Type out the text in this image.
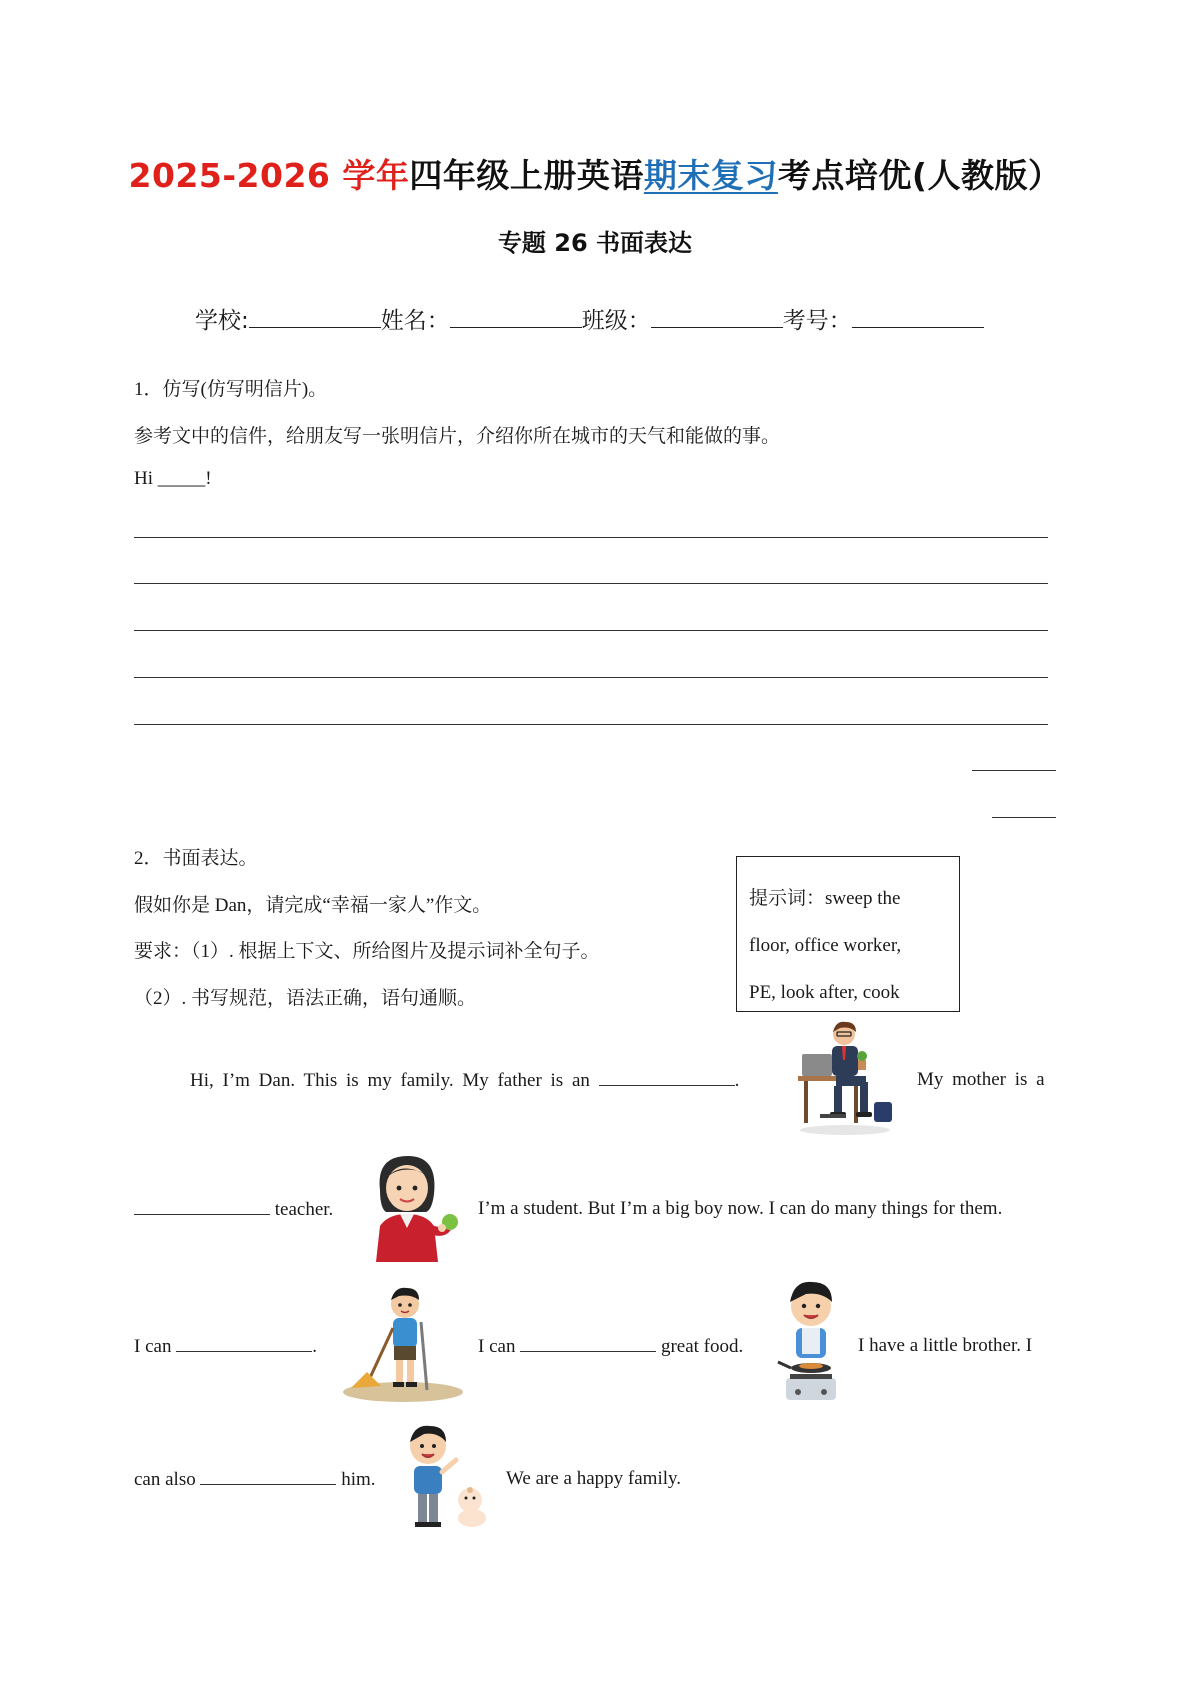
2025-2026 学年四年级上册英语期末复习考点培优(人教版）
专题 26 书面表达
学校:	姓名：	班级：	考号：
1．仿写(仿写明信片)。
参考文中的信件，给朋友写一张明信片，介绍你所在城市的天气和能做的事。
Hi _____!
2．书面表达。
假如你是 Dan，请完成“幸福一家人”作文。
要求：（1）. 根据上下文、所给图片及提示词补全句子。
（2）. 书写规范，语法正确，语句通顺。
提示词：sweep the
floor, office worker,
PE, look after, cook
Hi, I’m Dan. This is my family. My father is an	.	My mother is a
teacher.	I’m a student. But I’m a big boy now. I can do many things for them.
I can	.	I can	great food.	I have a little brother. I
can also	him.	We are a happy family.
